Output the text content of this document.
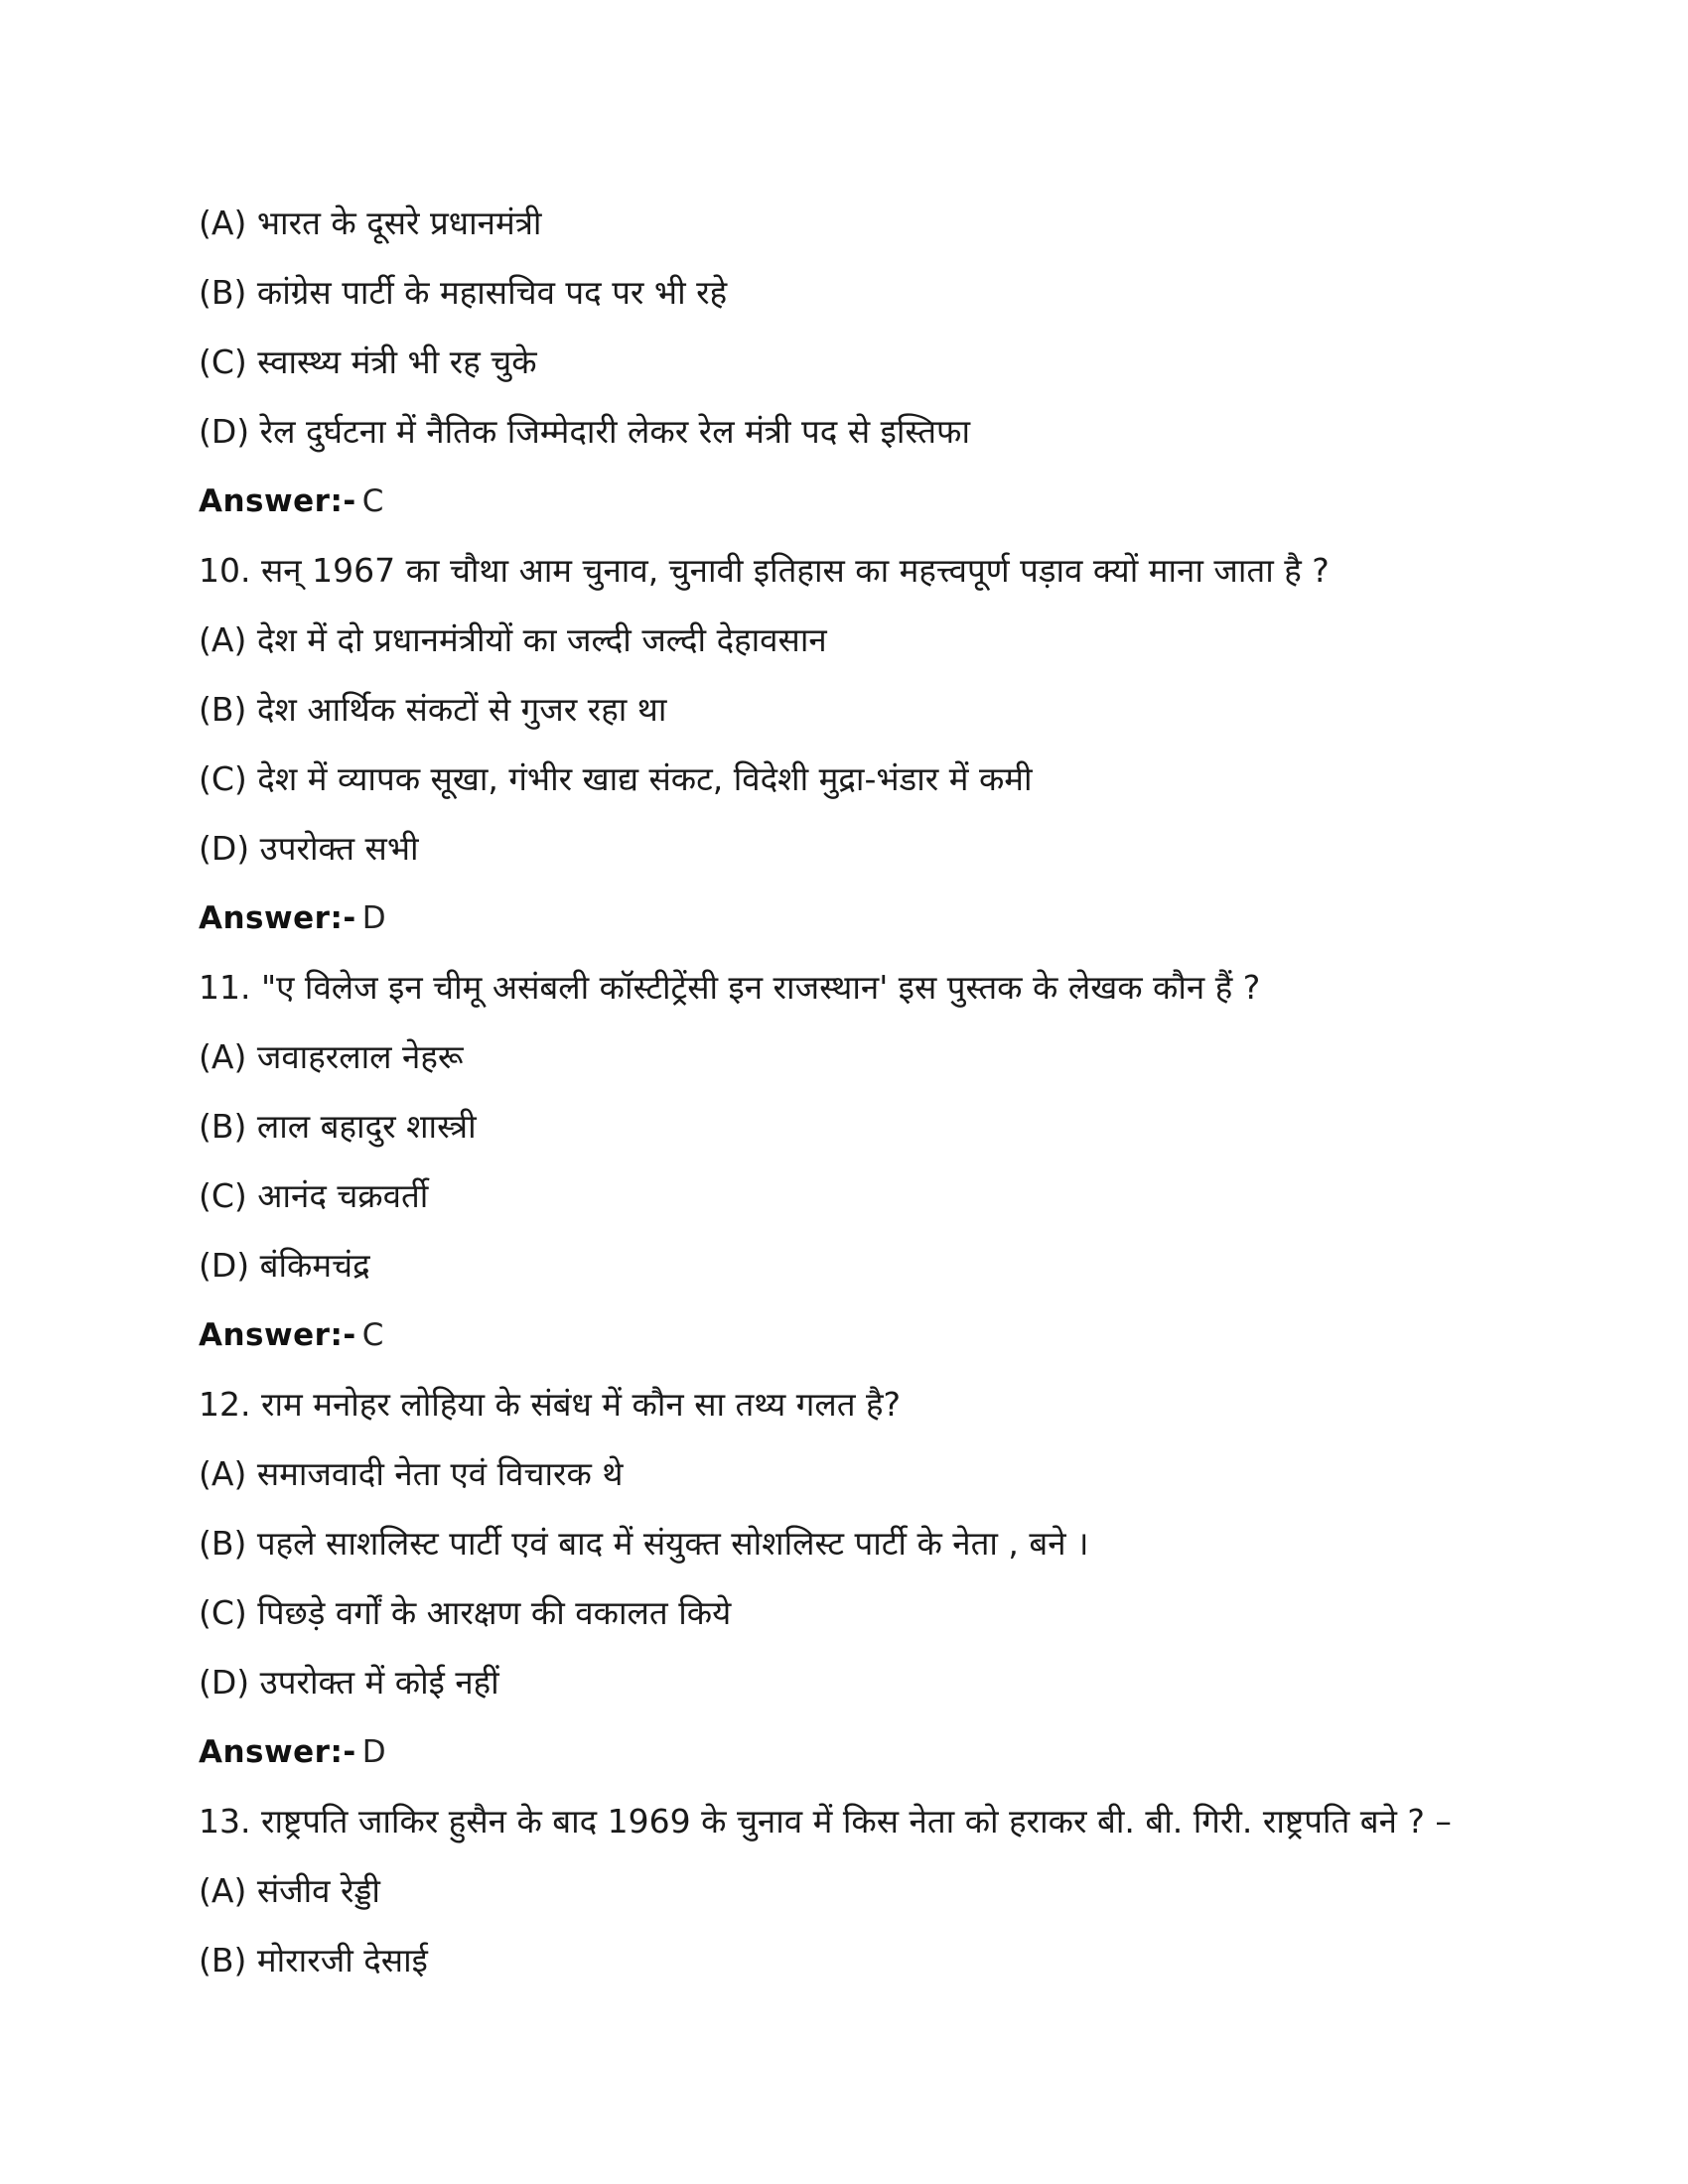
(A) भारत के दूसरे प्रधानमंत्री

(B) कांग्रेस पार्टी के महासचिव पद पर भी रहे

(C) स्वास्थ्य मंत्री भी रह चुके

(D) रेल दुर्घटना में नैतिक जिम्मेदारी लेकर रेल मंत्री पद से इस्तिफा

Answer:- C

10. सन् 1967 का चौथा आम चुनाव, चुनावी इतिहास का महत्त्वपूर्ण पड़ाव क्यों माना जाता है ?

(A) देश में दो प्रधानमंत्रीयों का जल्दी जल्दी देहावसान

(B) देश आर्थिक संकटों से गुजर रहा था

(C) देश में व्यापक सूखा, गंभीर खाद्य संकट, विदेशी मुद्रा-भंडार में कमी

(D) उपरोक्त सभी

Answer:- D

11. "ए विलेज इन चीमू असंबली कॉस्टीट्रेंसी इन राजस्थान' इस पुस्तक के लेखक कौन हैं ?

(A) जवाहरलाल नेहरू

(B) लाल बहादुर शास्त्री

(C) आनंद चक्रवर्ती

(D) बंकिमचंद्र

Answer:- C

12. राम मनोहर लोहिया के संबंध में कौन सा तथ्य गलत है?

(A) समाजवादी नेता एवं विचारक थे

(B) पहले साशलिस्ट पार्टी एवं बाद में संयुक्त सोशलिस्ट पार्टी के नेता , बने ।

(C) पिछड़े वर्गों के आरक्षण की वकालत किये

(D) उपरोक्त में कोई नहीं

Answer:- D

13. राष्ट्रपति जाकिर हुसैन के बाद 1969 के चुनाव में किस नेता को हराकर बी. बी. गिरी. राष्ट्रपति बने ? –

(A) संजीव रेड्डी

(B) मोरारजी देसाई
